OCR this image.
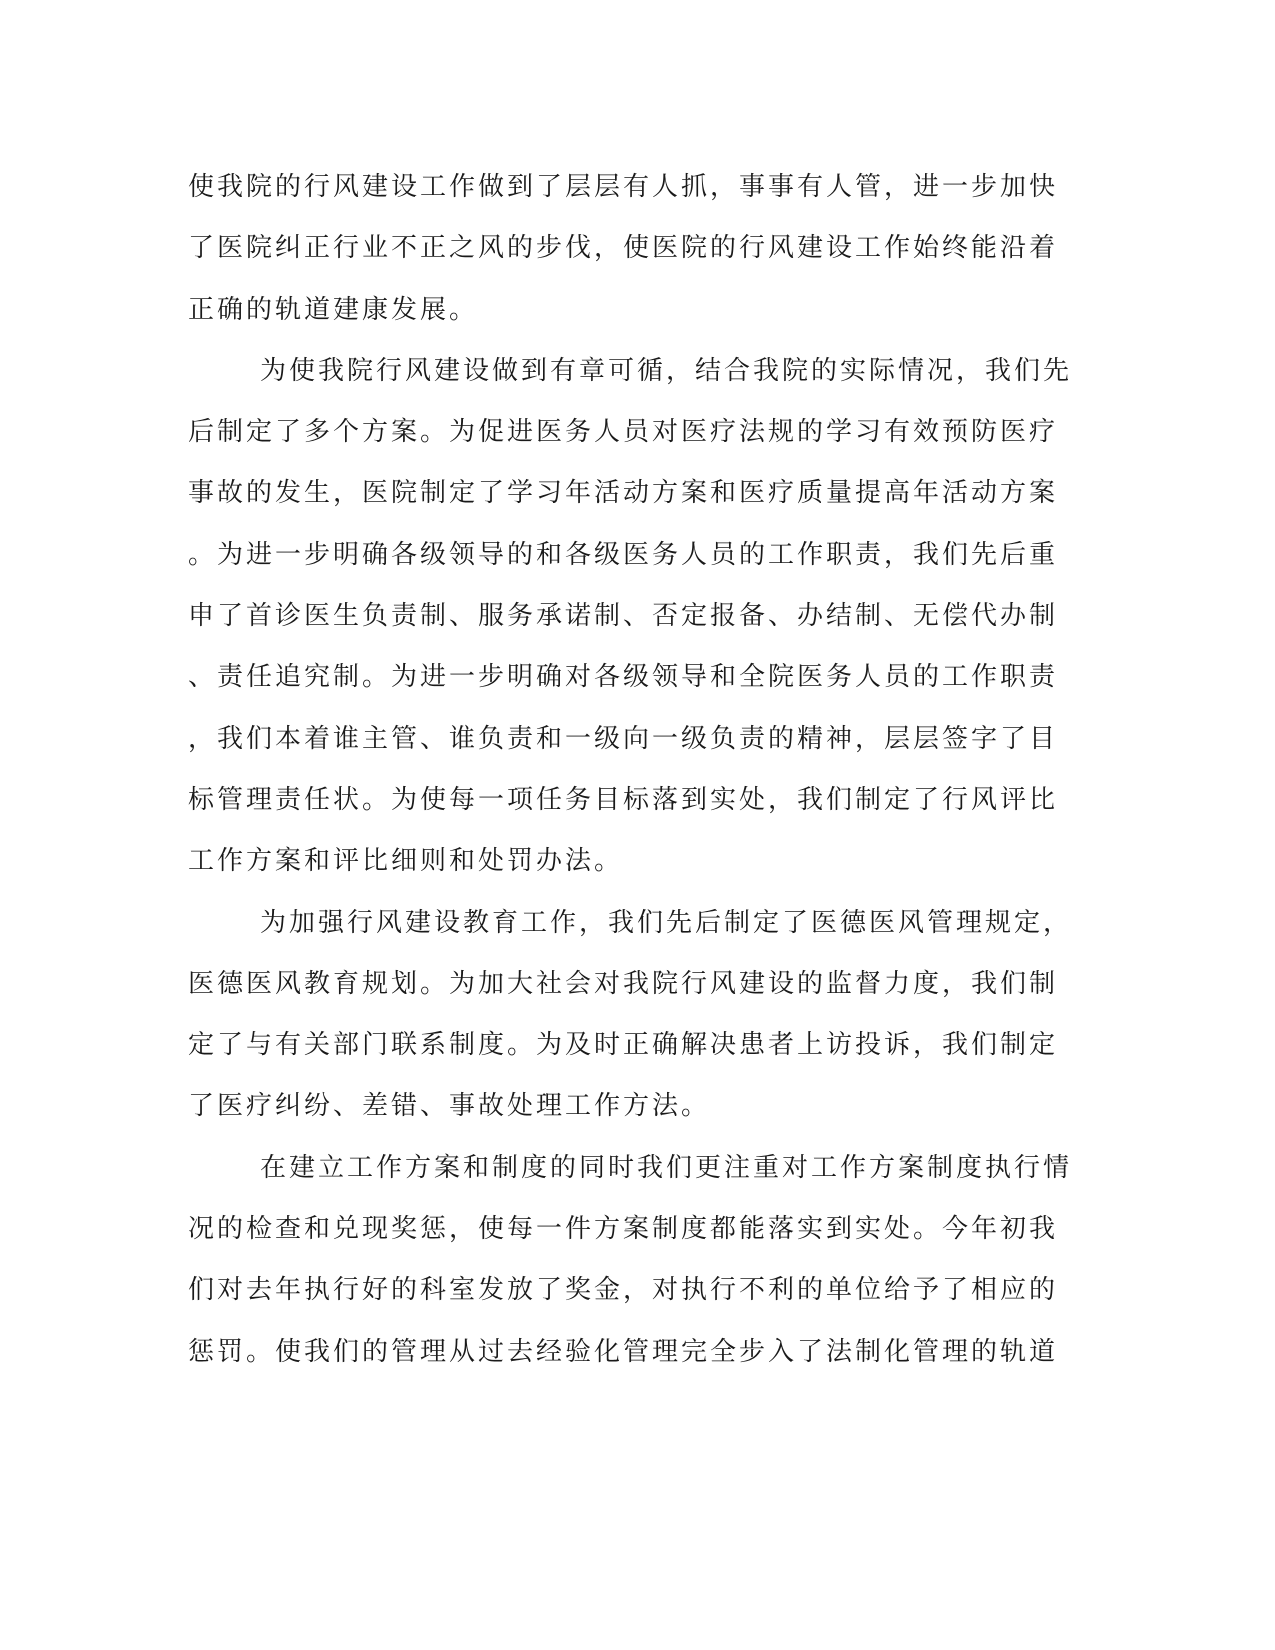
使我院的行风建设工作做到了层层有人抓，事事有人管，进一步加快
了医院纠正行业不正之风的步伐，使医院的行风建设工作始终能沿着
正确的轨道建康发展。
为使我院行风建设做到有章可循，结合我院的实际情况，我们先
后制定了多个方案。为促进医务人员对医疗法规的学习有效预防医疗
事故的发生，医院制定了学习年活动方案和医疗质量提高年活动方案
。为进一步明确各级领导的和各级医务人员的工作职责，我们先后重
申了首诊医生负责制、服务承诺制、否定报备、办结制、无偿代办制
、责任追究制。为进一步明确对各级领导和全院医务人员的工作职责
，我们本着谁主管、谁负责和一级向一级负责的精神，层层签字了目
标管理责任状。为使每一项任务目标落到实处，我们制定了行风评比
工作方案和评比细则和处罚办法。
为加强行风建设教育工作，我们先后制定了医德医风管理规定，
医德医风教育规划。为加大社会对我院行风建设的监督力度，我们制
定了与有关部门联系制度。为及时正确解决患者上访投诉，我们制定
了医疗纠纷、差错、事故处理工作方法。
在建立工作方案和制度的同时我们更注重对工作方案制度执行情
况的检查和兑现奖惩，使每一件方案制度都能落实到实处。今年初我
们对去年执行好的科室发放了奖金，对执行不利的单位给予了相应的
惩罚。使我们的管理从过去经验化管理完全步入了法制化管理的轨道
